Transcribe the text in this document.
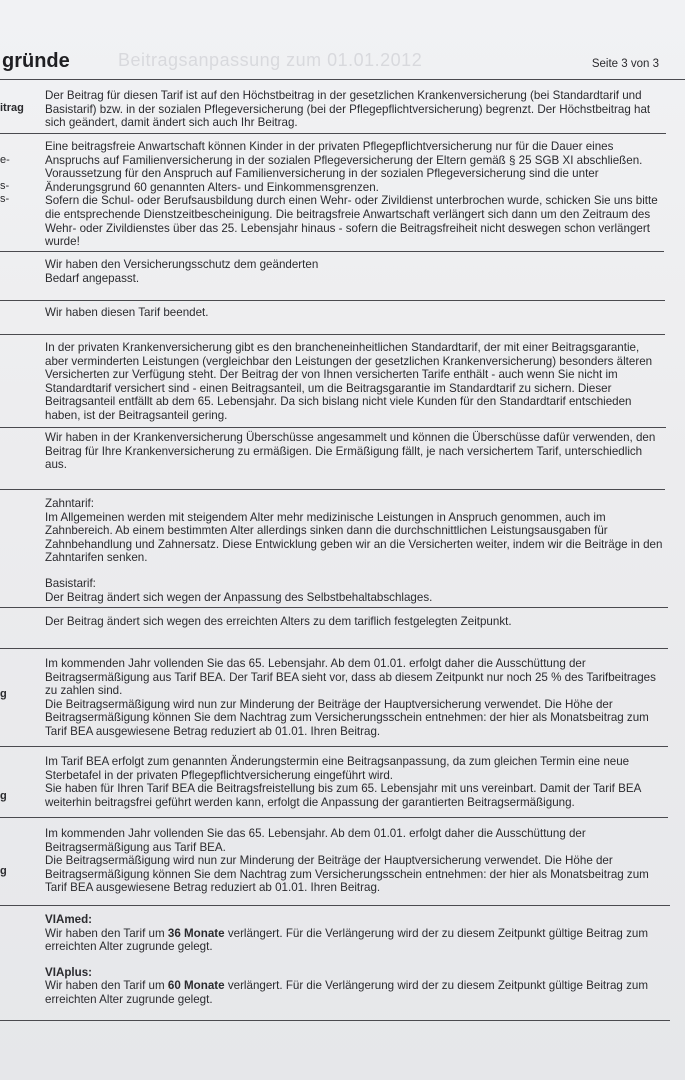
Beitragsanpassung zum 01.01.2012
gründe	Seite 3 von 3
itrag

Der Beitrag für diesen Tarif ist auf den Höchstbeitrag in der gesetzlichen Krankenversicherung (bei Standardtarif und Basistarif) bzw. in der sozialen Pflegeversicherung (bei der Pflegepflichtversicherung) begrenzt. Der Höchstbeitrag hat sich geändert, damit ändert sich auch Ihr Beitrag.

e-
s-
s-

Eine beitragsfreie Anwartschaft können Kinder in der privaten Pflegepflichtversicherung nur für die Dauer eines Anspruchs auf Familienversicherung in der sozialen Pflegeversicherung der Eltern gemäß § 25 SGB XI abschließen.

Voraussetzung für den Anspruch auf Familienversicherung in der sozialen Pflegeversicherung sind die unter Änderungsgrund 60 genannten Alters- und Einkommensgrenzen.

Sofern die Schul- oder Berufsausbildung durch einen Wehr- oder Zivildienst unterbrochen wurde, schicken Sie uns bitte die entsprechende Dienstzeitbescheinigung. Die beitragsfreie Anwartschaft verlängert sich dann um den Zeitraum des Wehr- oder Zivildienstes über das 25. Lebensjahr hinaus - sofern die Beitragsfreiheit nicht deswegen schon verlängert wurde!

Wir haben den Versicherungsschutz dem geänderten Bedarf angepasst.

Wir haben diesen Tarif beendet.

In der privaten Krankenversicherung gibt es den brancheneinheitlichen Standardtarif, der mit einer Beitragsgarantie, aber verminderten Leistungen (vergleichbar den Leistungen der gesetzlichen Krankenversicherung) besonders älteren Versicherten zur Verfügung steht. Der Beitrag der von Ihnen versicherten Tarife enthält - auch wenn Sie nicht im Standardtarif versichert sind - einen Beitragsanteil, um die Beitragsgarantie im Standardtarif zu sichern. Dieser Beitragsanteil entfällt ab dem 65. Lebensjahr. Da sich bislang nicht viele Kunden für den Standardtarif entschieden haben, ist der Beitragsanteil gering.

Wir haben in der Krankenversicherung Überschüsse angesammelt und können die Überschüsse dafür verwenden, den Beitrag für Ihre Krankenversicherung zu ermäßigen. Die Ermäßigung fällt, je nach versichertem Tarif, unterschiedlich aus.

Zahntarif:

Im Allgemeinen werden mit steigendem Alter mehr medizinische Leistungen in Anspruch genommen, auch im Zahnbereich. Ab einem bestimmten Alter allerdings sinken dann die durchschnittlichen Leistungsausgaben für Zahnbehandlung und Zahnersatz. Diese Entwicklung geben wir an die Versicherten weiter, indem wir die Beiträge in den Zahntarifen senken.

Basistarif:

Der Beitrag ändert sich wegen der Anpassung des Selbstbehaltabschlages.

Der Beitrag ändert sich wegen des erreichten Alters zu dem tariflich festgelegten Zeitpunkt.

g

Im kommenden Jahr vollenden Sie das 65. Lebensjahr. Ab dem 01.01. erfolgt daher die Ausschüttung der Beitragsermäßigung aus Tarif BEA. Der Tarif BEA sieht vor, dass ab diesem Zeitpunkt nur noch 25 % des Tarifbeitrages zu zahlen sind.

Die Beitragsermäßigung wird nun zur Minderung der Beiträge der Hauptversicherung verwendet. Die Höhe der Beitragsermäßigung können Sie dem Nachtrag zum Versicherungsschein entnehmen: der hier als Monatsbeitrag zum Tarif BEA ausgewiesene Betrag reduziert ab 01.01. Ihren Beitrag.

g

Im Tarif BEA erfolgt zum genannten Änderungstermin eine Beitragsanpassung, da zum gleichen Termin eine neue Sterbetafel in der privaten Pflegepflichtversicherung eingeführt wird.

Sie haben für Ihren Tarif BEA die Beitragsfreistellung bis zum 65. Lebensjahr mit uns vereinbart. Damit der Tarif BEA weiterhin beitragsfrei geführt werden kann, erfolgt die Anpassung der garantierten Beitragsermäßigung.

g

Im kommenden Jahr vollenden Sie das 65. Lebensjahr. Ab dem 01.01. erfolgt daher die Ausschüttung der Beitragsermäßigung aus Tarif BEA.

Die Beitragsermäßigung wird nun zur Minderung der Beiträge der Hauptversicherung verwendet. Die Höhe der Beitragsermäßigung können Sie dem Nachtrag zum Versicherungsschein entnehmen: der hier als Monatsbeitrag zum Tarif BEA ausgewiesene Betrag reduziert ab 01.01. Ihren Beitrag.

VIAmed:

Wir haben den Tarif um 36 Monate verlängert. Für die Verlängerung wird der zu diesem Zeitpunkt gültige Beitrag zum erreichten Alter zugrunde gelegt.

VIAplus:

Wir haben den Tarif um 60 Monate verlängert. Für die Verlängerung wird der zu diesem Zeitpunkt gültige Beitrag zum erreichten Alter zugrunde gelegt.
